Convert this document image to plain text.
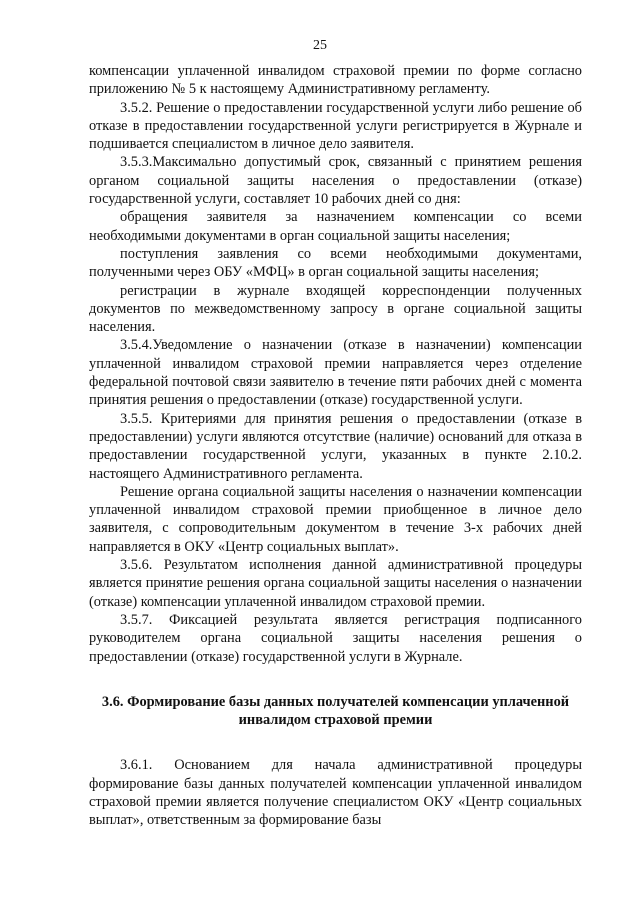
25

компенсации уплаченной инвалидом страховой премии по форме согласно приложению № 5 к настоящему Административному регламенту.

3.5.2. Решение о предоставлении государственной услуги либо решение об отказе в предоставлении государственной услуги регистрируется в Журнале и подшивается специалистом в личное дело заявителя.

3.5.3.Максимально допустимый срок, связанный с принятием решения органом социальной защиты населения о предоставлении (отказе) государственной услуги, составляет 10 рабочих дней со дня:

обращения заявителя за назначением компенсации со всеми необходимыми документами в орган социальной защиты населения;

поступления заявления со всеми необходимыми документами, полученными через ОБУ «МФЦ» в орган социальной защиты населения;

регистрации в журнале входящей корреспонденции полученных документов по межведомственному запросу в органе социальной защиты населения.

3.5.4.Уведомление о назначении (отказе в назначении) компенсации уплаченной инвалидом страховой премии направляется через отделение федеральной почтовой связи заявителю в течение пяти рабочих дней с момента принятия решения о предоставлении (отказе) государственной услуги.

3.5.5. Критериями для принятия решения о предоставлении (отказе в предоставлении) услуги являются отсутствие (наличие) оснований для отказа в предоставлении государственной услуги, указанных в пункте 2.10.2. настоящего Административного регламента.

Решение органа социальной защиты населения о назначении компенсации уплаченной инвалидом страховой премии приобщенное в личное дело заявителя, с сопроводительным документом в течение 3-х рабочих дней направляется в ОКУ «Центр социальных выплат».

3.5.6. Результатом исполнения данной административной процедуры является принятие решения органа социальной защиты населения о назначении (отказе) компенсации уплаченной инвалидом страховой премии.

3.5.7. Фиксацией результата является регистрация подписанного руководителем органа социальной защиты населения решения о предоставлении (отказе) государственной услуги в Журнале.

3.6. Формирование базы данных получателей компенсации уплаченной инвалидом страховой премии

3.6.1. Основанием для начала административной процедуры формирование базы данных получателей компенсации уплаченной инвалидом страховой премии является получение специалистом ОКУ «Центр социальных выплат», ответственным за формирование базы
